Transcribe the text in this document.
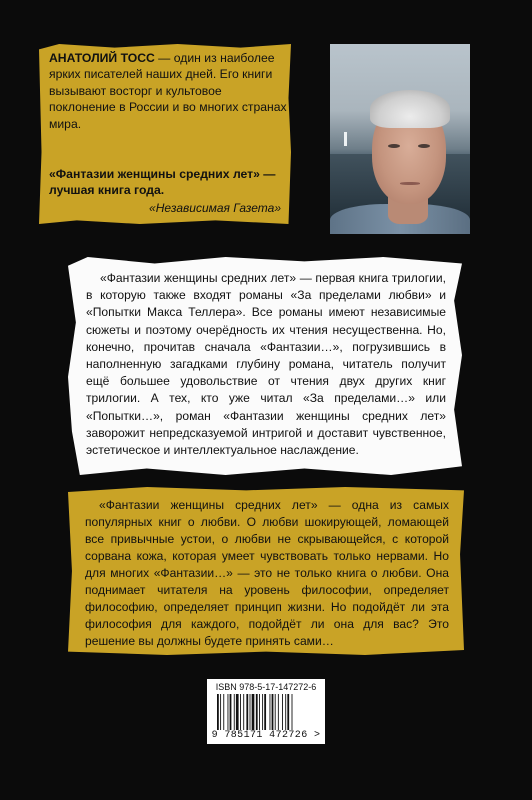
АНАТОЛИЙ ТОСС — один из наиболее ярких писателей наших дней. Его книги вызывают восторг и культовое поклонение в России и во многих странах мира.
«Фантазии женщины средних лет» — лучшая книга года.
«Независимая Газета»
«Фантазии женщины средних лет» — первая книга трилогии, в которую также входят романы «За пределами любви» и «Попытки Макса Теллера». Все романы имеют независимые сюжеты и поэтому очерёдность их чтения несущественна. Но, конечно, прочитав сначала «Фантазии…», погрузившись в наполненную загадками глубину романа, читатель получит ещё большее удовольствие от чтения двух других книг трилогии. А тех, кто уже читал «За пределами…» или «Попытки…», роман «Фантазии женщины средних лет» заворожит непредсказуемой интригой и доставит чувственное, эстетическое и интеллектуальное наслаждение.
«Фантазии женщины средних лет» — одна из самых популярных книг о любви. О любви шокирующей, ломающей все привычные устои, о любви не скрывающейся, с которой сорвана кожа, которая умеет чувствовать только нервами. Но для многих «Фантазии…» — это не только книга о любви. Она поднимает читателя на уровень философии, определяет философию, определяет принцип жизни. Но подойдёт ли эта философия для каждого, подойдёт ли она для вас? Это решение вы должны будете принять сами…
ISBN 978-5-17-147272-6
9 785171 472726 >
